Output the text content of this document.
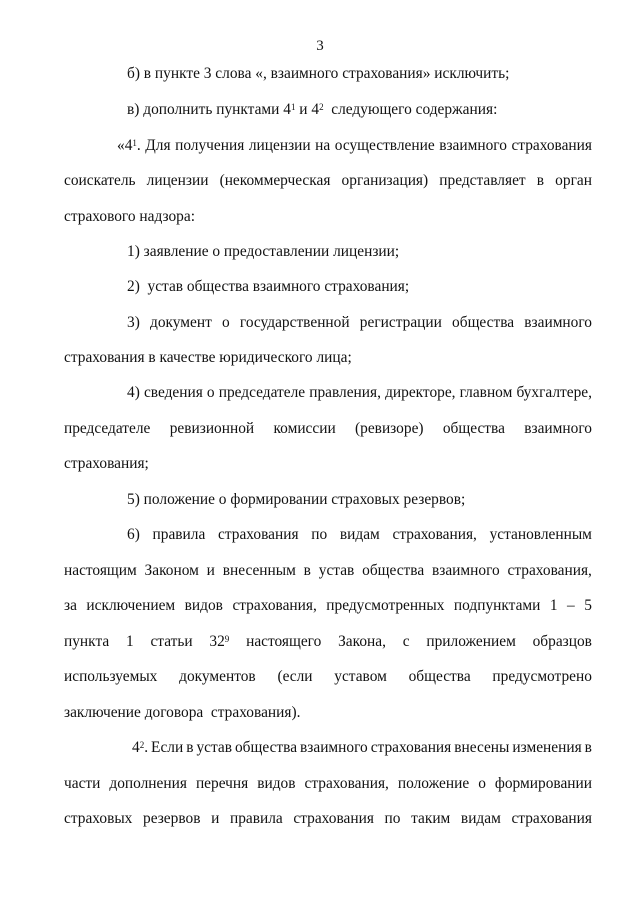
3
б) в пункте 3 слова «, взаимного страхования» исключить;
в) дополнить пунктами $4^1$ и $4^2$  следующего содержания:
«$4^1$. Для получения лицензии на осуществление взаимного страхования
соискатель лицензии (некоммерческая организация) представляет в орган
страхового надзора:
1) заявление о предоставлении лицензии;
2)  устав общества взаимного страхования;
3) документ о государственной регистрации общества взаимного
страхования в качестве юридического лица;
4) сведения о председателе правления, директоре, главном бухгалтере,
председателе ревизионной комиссии (ревизоре) общества взаимного
страхования;
5) положение о формировании страховых резервов;
6) правила страхования по видам страхования, установленным
настоящим Законом и внесенным в устав общества взаимного страхования,
за исключением видов страхования, предусмотренных подпунктами 1 – 5
пункта 1 статьи $32^9$ настоящего Закона, с приложением образцов
используемых документов (если уставом общества предусмотрено
заключение договора  страхования).
$4^2$. Если в устав общества взаимного страхования внесены изменения в
части дополнения перечня видов страхования, положение о формировании
страховых резервов и правила страхования по таким видам страхования
